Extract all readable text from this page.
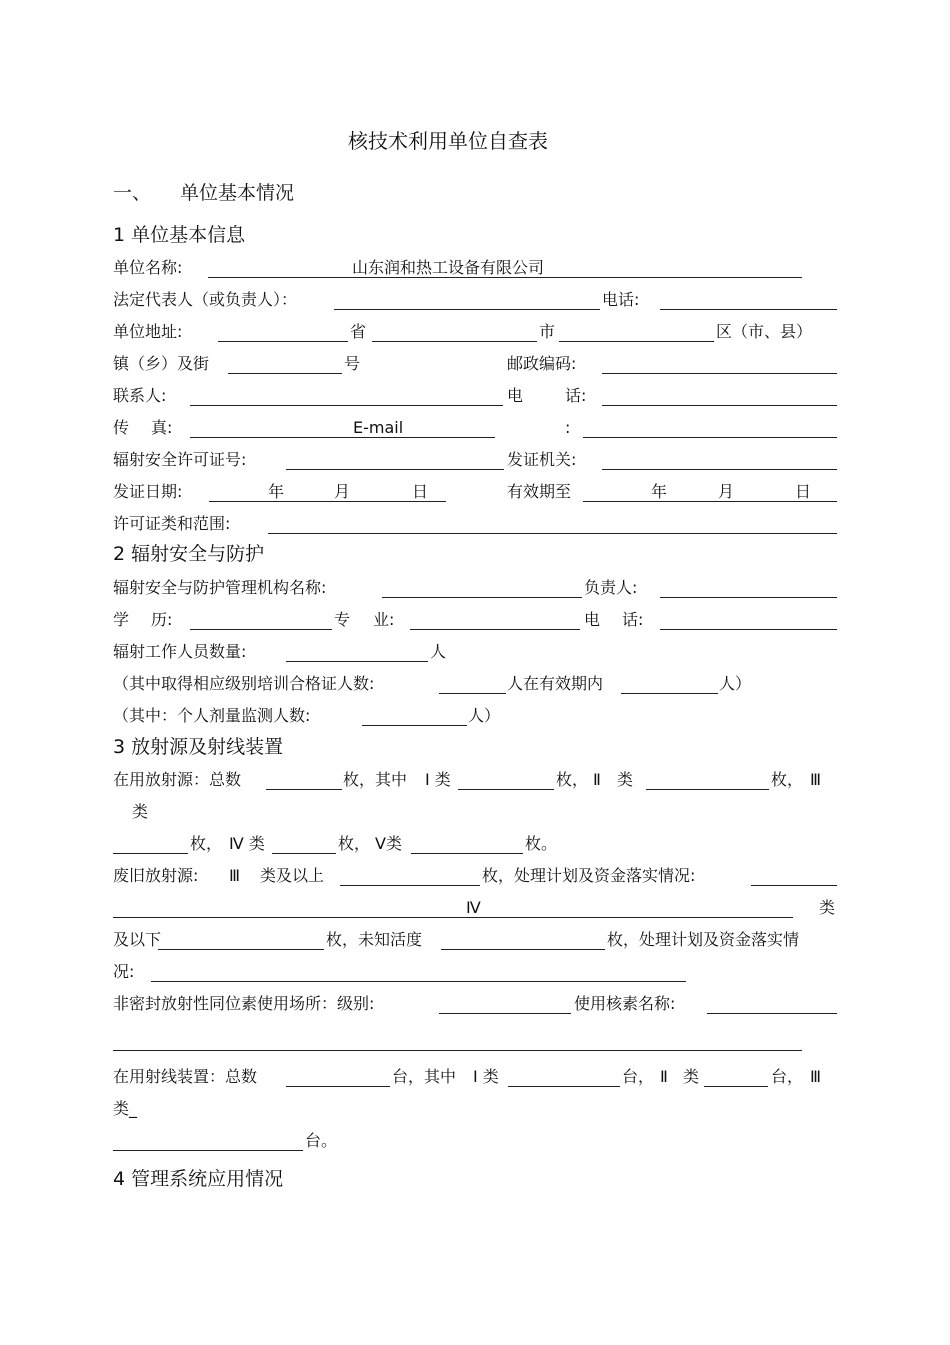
核技术利用单位自查表
一、 单位基本情况
1 单位基本信息
单位名称:	山东润和热工设备有限公司
法定代表人（或负责人）：	电话:
单位地址:	省	市	区（市、县）
镇（乡）及街	号	邮政编码:
联系人:	电	话:
传 真:	E-mail	:
辐射安全许可证号:	发证机关:
发证日期:	年	月	日	有效期至	年	月	日
许可证类和范围:
2 辐射安全与防护
辐射安全与防护管理机构名称:	负责人:
学 历:	专 业:	电 话:
辐射工作人员数量:	人
（其中取得相应级别培训合格证人数:	人在有效期内	人）
（其中：个人剂量监测人数:	人）
3 放射源及射线装置
在用放射源：总数	枚，其中 Ⅰ 类	枚， Ⅱ 类	枚， Ⅲ
类
枚， Ⅳ 类	枚， Ⅴ类	枚。
废旧放射源: Ⅲ 类及以上	枚，处理计划及资金落实情况:
Ⅳ	类
及以下	枚，未知活度	枚，处理计划及资金落实情
况:
非密封放射性同位素使用场所：级别:	使用核素名称:
在用射线装置：总数	台，其中 Ⅰ 类	台， Ⅱ 类	台， Ⅲ
类_
台。
4 管理系统应用情况
